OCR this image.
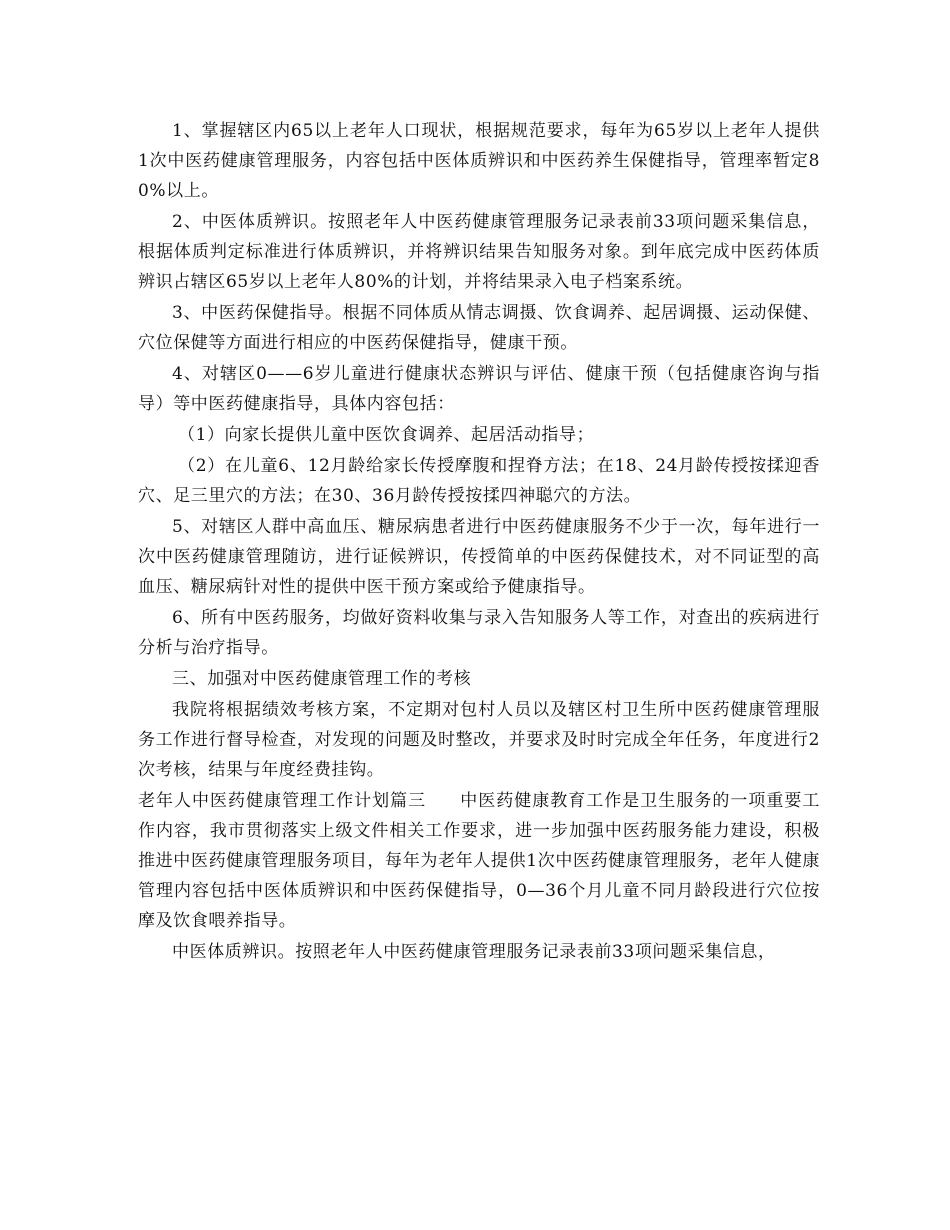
1、掌握辖区内65以上老年人口现状，根据规范要求，每年为65岁以上老年人提供1次中医药健康管理服务，内容包括中医体质辨识和中医药养生保健指导，管理率暂定80%以上。

2、中医体质辨识。按照老年人中医药健康管理服务记录表前33项问题采集信息，根据体质判定标准进行体质辨识，并将辨识结果告知服务对象。到年底完成中医药体质辨识占辖区65岁以上老年人80%的计划，并将结果录入电子档案系统。

3、中医药保健指导。根据不同体质从情志调摄、饮食调养、起居调摄、运动保健、穴位保健等方面进行相应的中医药保健指导，健康干预。

4、对辖区0——6岁儿童进行健康状态辨识与评估、健康干预（包括健康咨询与指导）等中医药健康指导，具体内容包括：

（1）向家长提供儿童中医饮食调养、起居活动指导；

（2）在儿童6、12月龄给家长传授摩腹和捏脊方法；在18、24月龄传授按揉迎香穴、足三里穴的方法；在30、36月龄传授按揉四神聪穴的方法。

5、对辖区人群中高血压、糖尿病患者进行中医药健康服务不少于一次，每年进行一次中医药健康管理随访，进行证候辨识，传授简单的中医药保健技术，对不同证型的高血压、糖尿病针对性的提供中医干预方案或给予健康指导。

6、所有中医药服务，均做好资料收集与录入告知服务人等工作，对查出的疾病进行分析与治疗指导。

三、加强对中医药健康管理工作的考核

我院将根据绩效考核方案，不定期对包村人员以及辖区村卫生所中医药健康管理服务工作进行督导检查，对发现的问题及时整改，并要求及时时完成全年任务，年度进行2次考核，结果与年度经费挂钩。

老年人中医药健康管理工作计划篇三 中医药健康教育工作是卫生服务的一项重要工作内容，我市贯彻落实上级文件相关工作要求，进一步加强中医药服务能力建设，积极推进中医药健康管理服务项目，每年为老年人提供1次中医药健康管理服务，老年人健康管理内容包括中医体质辨识和中医药保健指导，0—36个月儿童不同月龄段进行穴位按摩及饮食喂养指导。

中医体质辨识。按照老年人中医药健康管理服务记录表前33项问题采集信息，
